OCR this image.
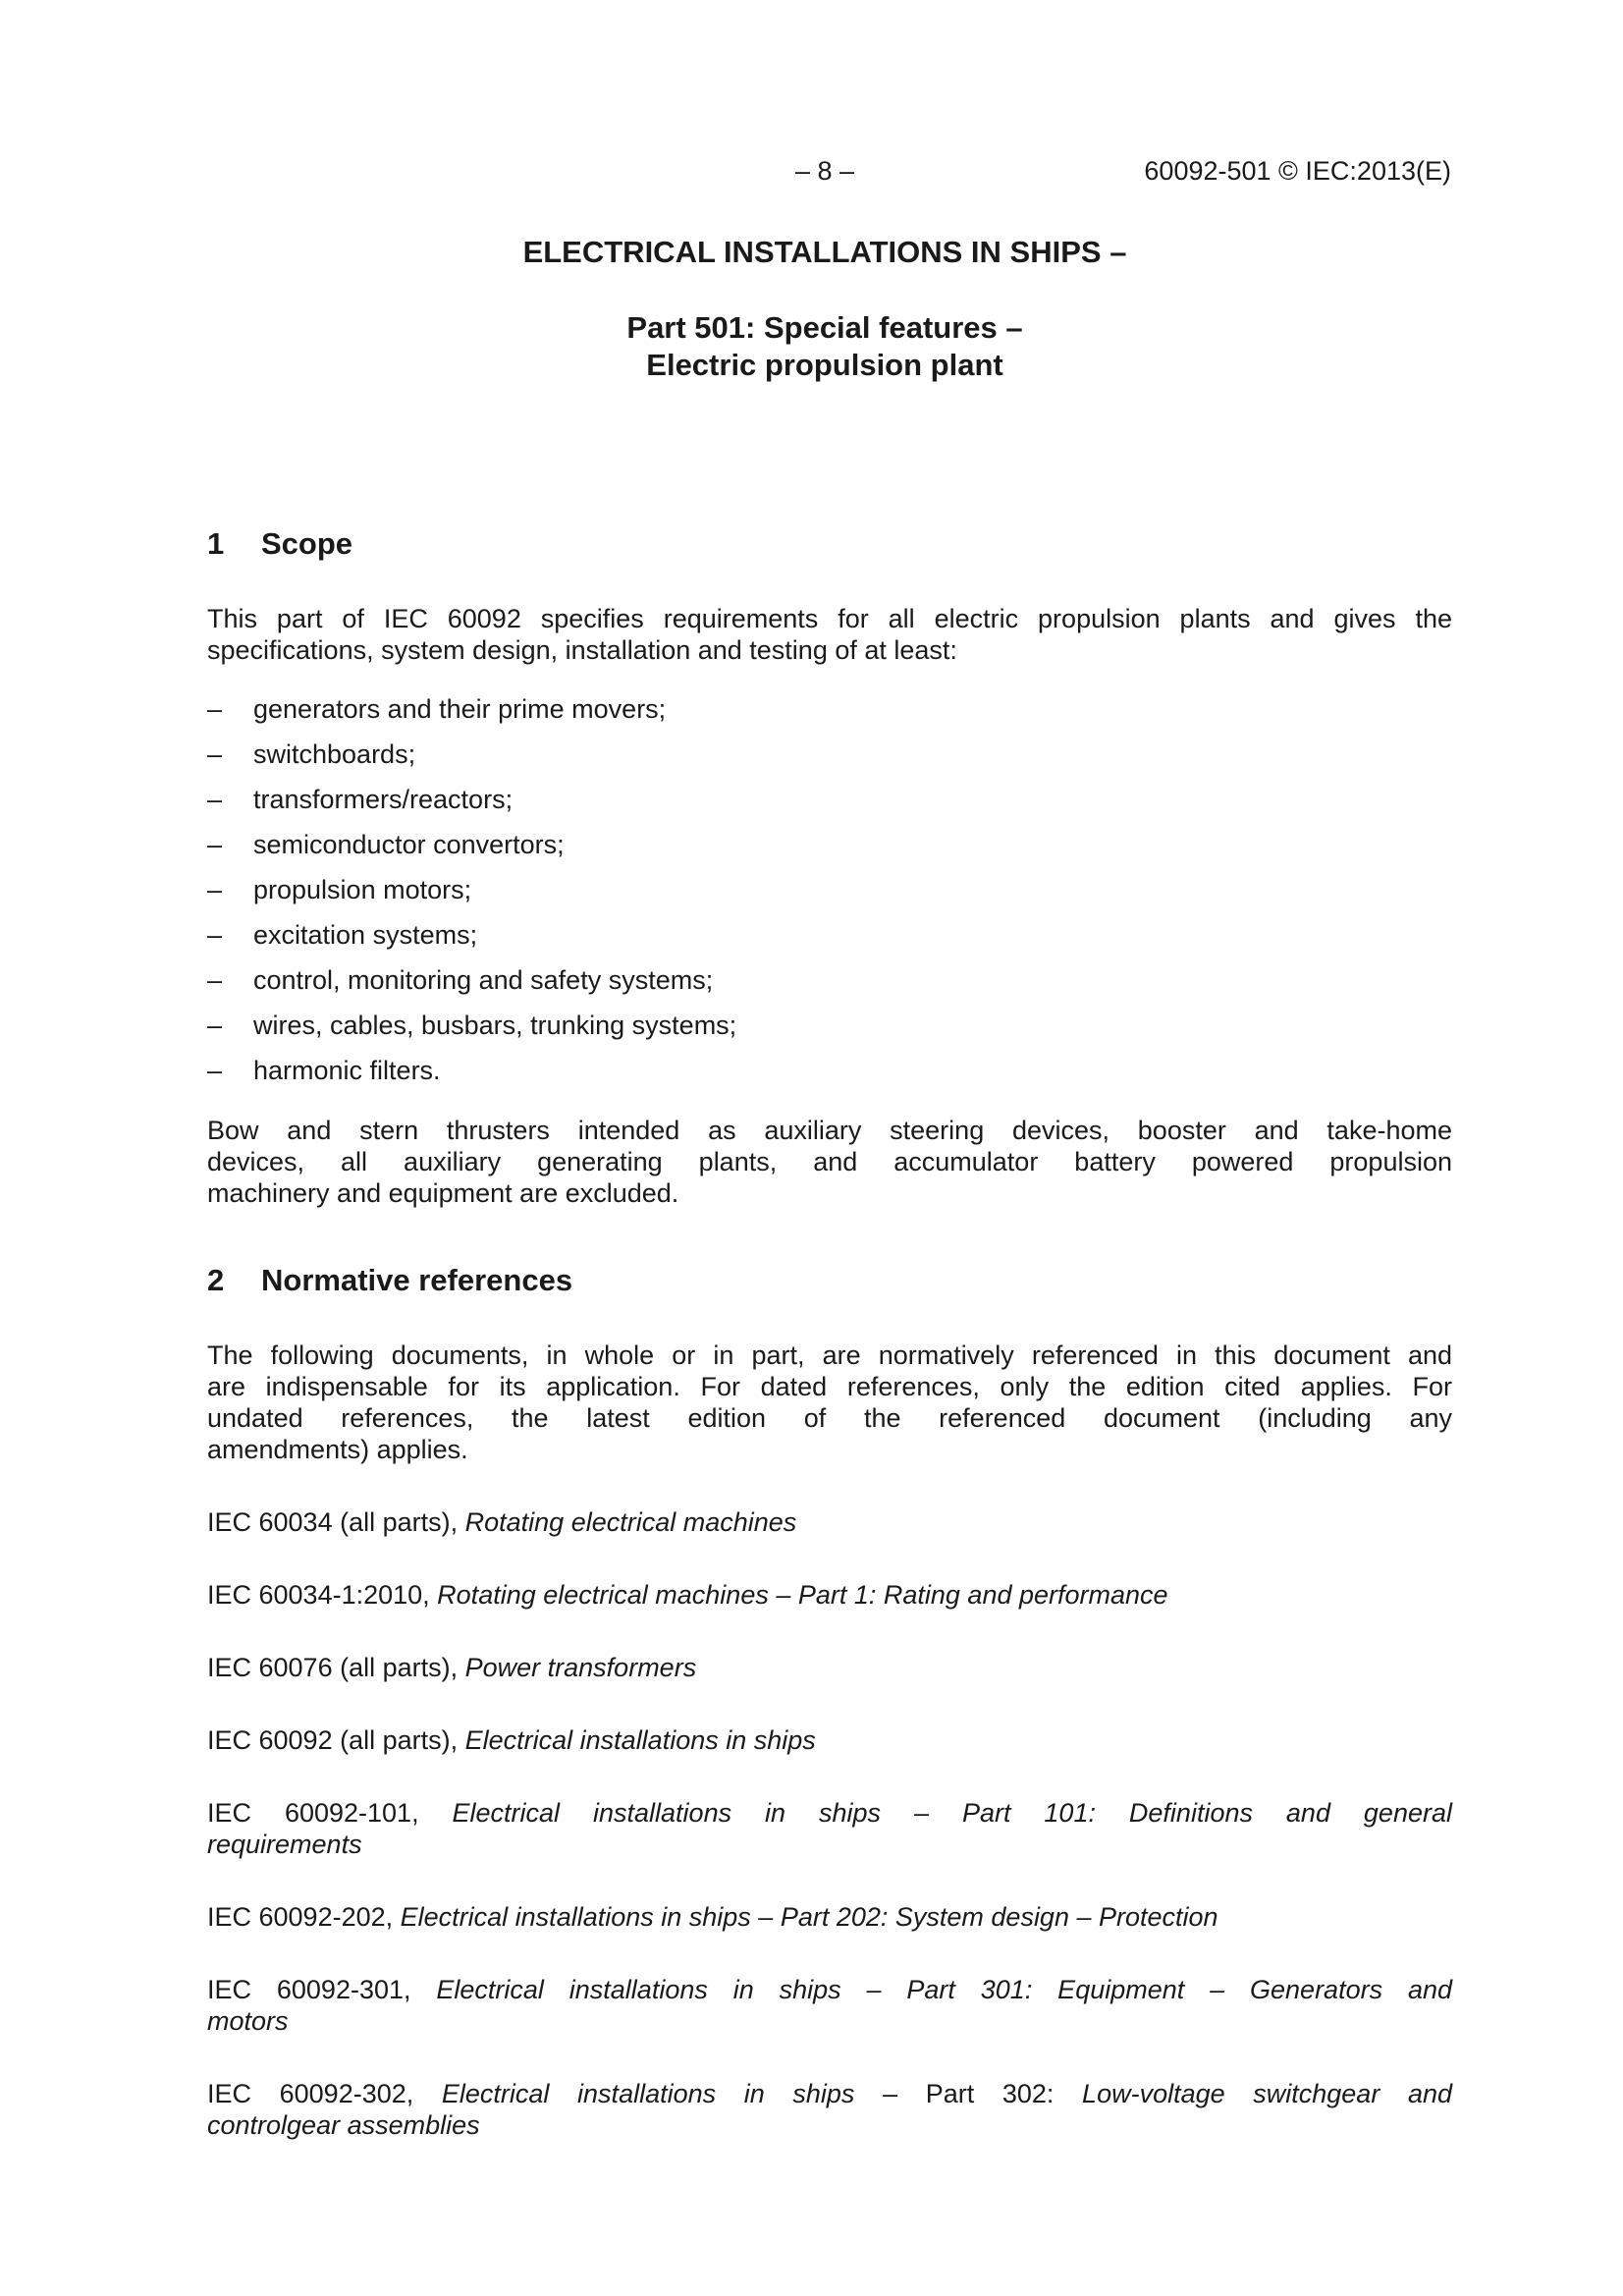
– 8 –	60092-501 © IEC:2013(E)
ELECTRICAL INSTALLATIONS IN SHIPS –
Part 501: Special features –
Electric propulsion plant
1 Scope
This part of IEC 60092 specifies requirements for all electric propulsion plants and gives the
specifications, system design, installation and testing of at least:
– generators and their prime movers;
– switchboards;
– transformers/reactors;
– semiconductor convertors;
– propulsion motors;
– excitation systems;
– control, monitoring and safety systems;
– wires, cables, busbars, trunking systems;
– harmonic filters.
Bow and stern thrusters intended as auxiliary steering devices, booster and take-home
devices, all auxiliary generating plants, and accumulator battery powered propulsion
machinery and equipment are excluded.
2 Normative references
The following documents, in whole or in part, are normatively referenced in this document and
are indispensable for its application. For dated references, only the edition cited applies. For
undated references, the latest edition of the referenced document (including any
amendments) applies.
IEC 60034 (all parts), Rotating electrical machines
IEC 60034-1:2010, Rotating electrical machines – Part 1: Rating and performance
IEC 60076 (all parts), Power transformers
IEC 60092 (all parts), Electrical installations in ships
IEC 60092-101, Electrical installations in ships – Part 101: Definitions and general
requirements
IEC 60092-202, Electrical installations in ships – Part 202: System design – Protection
IEC 60092-301, Electrical installations in ships – Part 301: Equipment – Generators and
motors
IEC 60092-302, Electrical installations in ships – Part 302: Low-voltage switchgear and
controlgear assemblies
